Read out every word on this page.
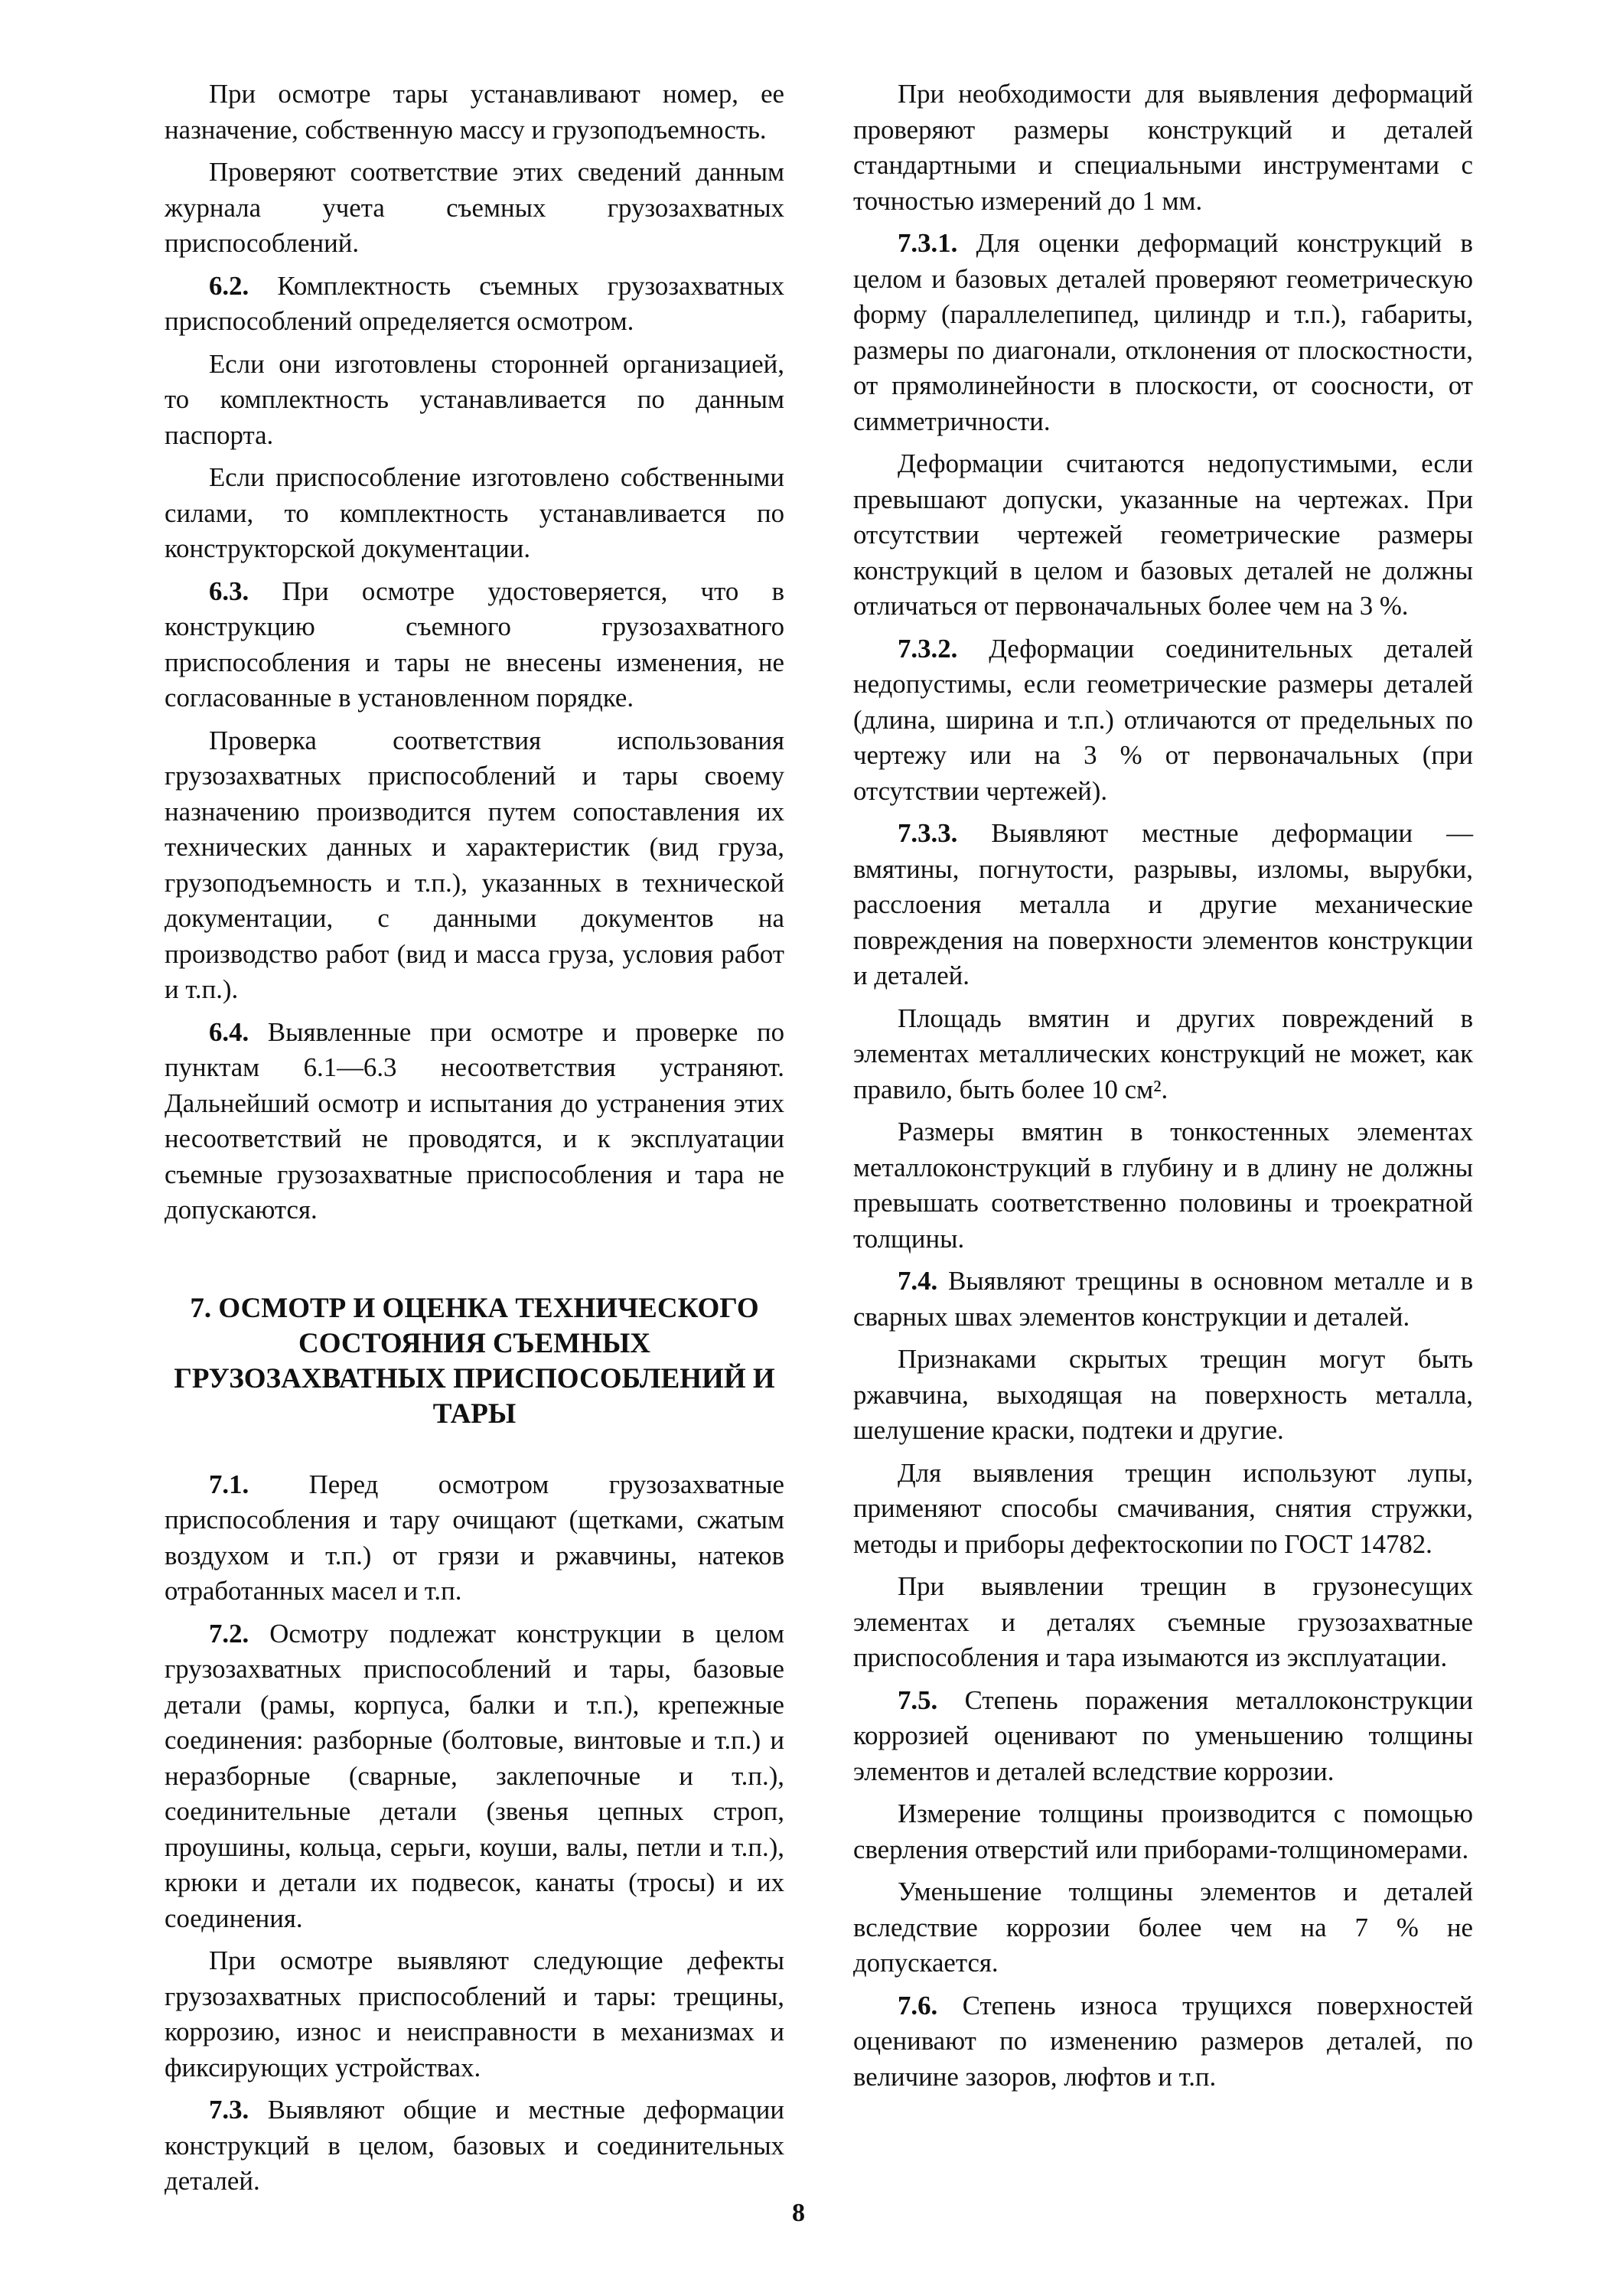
При осмотре тары устанавливают номер, ее назначение, собственную массу и грузоподъемность.

Проверяют соответствие этих сведений данным журнала учета съемных грузозахватных приспособлений.

6.2. Комплектность съемных грузозахватных приспособлений определяется осмотром.

Если они изготовлены сторонней организацией, то комплектность устанавливается по данным паспорта.

Если приспособление изготовлено собственными силами, то комплектность устанавливается по конструкторской документации.

6.3. При осмотре удостоверяется, что в конструкцию съемного грузозахватного приспособления и тары не внесены изменения, не согласованные в установленном порядке.

Проверка соответствия использования грузозахватных приспособлений и тары своему назначению производится путем сопоставления их технических данных и характеристик (вид груза, грузоподъемность и т.п.), указанных в технической документации, с данными документов на производство работ (вид и масса груза, условия работ и т.п.).

6.4. Выявленные при осмотре и проверке по пунктам 6.1—6.3 несоответствия устраняют. Дальнейший осмотр и испытания до устранения этих несоответствий не проводятся, и к эксплуатации съемные грузозахватные приспособления и тара не допускаются.

7. ОСМОТР И ОЦЕНКА ТЕХНИЧЕСКОГО СОСТОЯНИЯ СЪЕМНЫХ ГРУЗОЗАХВАТНЫХ ПРИСПОСОБЛЕНИЙ И ТАРЫ

7.1. Перед осмотром грузозахватные приспособления и тару очищают (щетками, сжатым воздухом и т.п.) от грязи и ржавчины, натеков отработанных масел и т.п.

7.2. Осмотру подлежат конструкции в целом грузозахватных приспособлений и тары, базовые детали (рамы, корпуса, балки и т.п.), крепежные соединения: разборные (болтовые, винтовые и т.п.) и неразборные (сварные, заклепочные и т.п.), соединительные детали (звенья цепных строп, проушины, кольца, серьги, коуши, валы, петли и т.п.), крюки и детали их подвесок, канаты (тросы) и их соединения.

При осмотре выявляют следующие дефекты грузозахватных приспособлений и тары: трещины, коррозию, износ и неисправности в механизмах и фиксирующих устройствах.

7.3. Выявляют общие и местные деформации конструкций в целом, базовых и соединительных деталей.

При необходимости для выявления деформаций проверяют размеры конструкций и деталей стандартными и специальными инструментами с точностью измерений до 1 мм.

7.3.1. Для оценки деформаций конструкций в целом и базовых деталей проверяют геометрическую форму (параллелепипед, цилиндр и т.п.), габариты, размеры по диагонали, отклонения от плоскостности, от прямолинейности в плоскости, от соосности, от симметричности.

Деформации считаются недопустимыми, если превышают допуски, указанные на чертежах. При отсутствии чертежей геометрические размеры конструкций в целом и базовых деталей не должны отличаться от первоначальных более чем на 3 %.

7.3.2. Деформации соединительных деталей недопустимы, если геометрические размеры деталей (длина, ширина и т.п.) отличаются от предельных по чертежу или на 3 % от первоначальных (при отсутствии чертежей).

7.3.3. Выявляют местные деформации — вмятины, погнутости, разрывы, изломы, вырубки, расслоения металла и другие механические повреждения на поверхности элементов конструкции и деталей.

Площадь вмятин и других повреждений в элементах металлических конструкций не может, как правило, быть более 10 см².

Размеры вмятин в тонкостенных элементах металлоконструкций в глубину и в длину не должны превышать соответственно половины и троекратной толщины.

7.4. Выявляют трещины в основном металле и в сварных швах элементов конструкции и деталей.

Признаками скрытых трещин могут быть ржавчина, выходящая на поверхность металла, шелушение краски, подтеки и другие.

Для выявления трещин используют лупы, применяют способы смачивания, снятия стружки, методы и приборы дефектоскопии по ГОСТ 14782.

При выявлении трещин в грузонесущих элементах и деталях съемные грузозахватные приспособления и тара изымаются из эксплуатации.

7.5. Степень поражения металлоконструкции коррозией оценивают по уменьшению толщины элементов и деталей вследствие коррозии.

Измерение толщины производится с помощью сверления отверстий или приборами-толщиномерами.

Уменьшение толщины элементов и деталей вследствие коррозии более чем на 7 % не допускается.

7.6. Степень износа трущихся поверхностей оценивают по изменению размеров деталей, по величине зазоров, люфтов и т.п.

8
